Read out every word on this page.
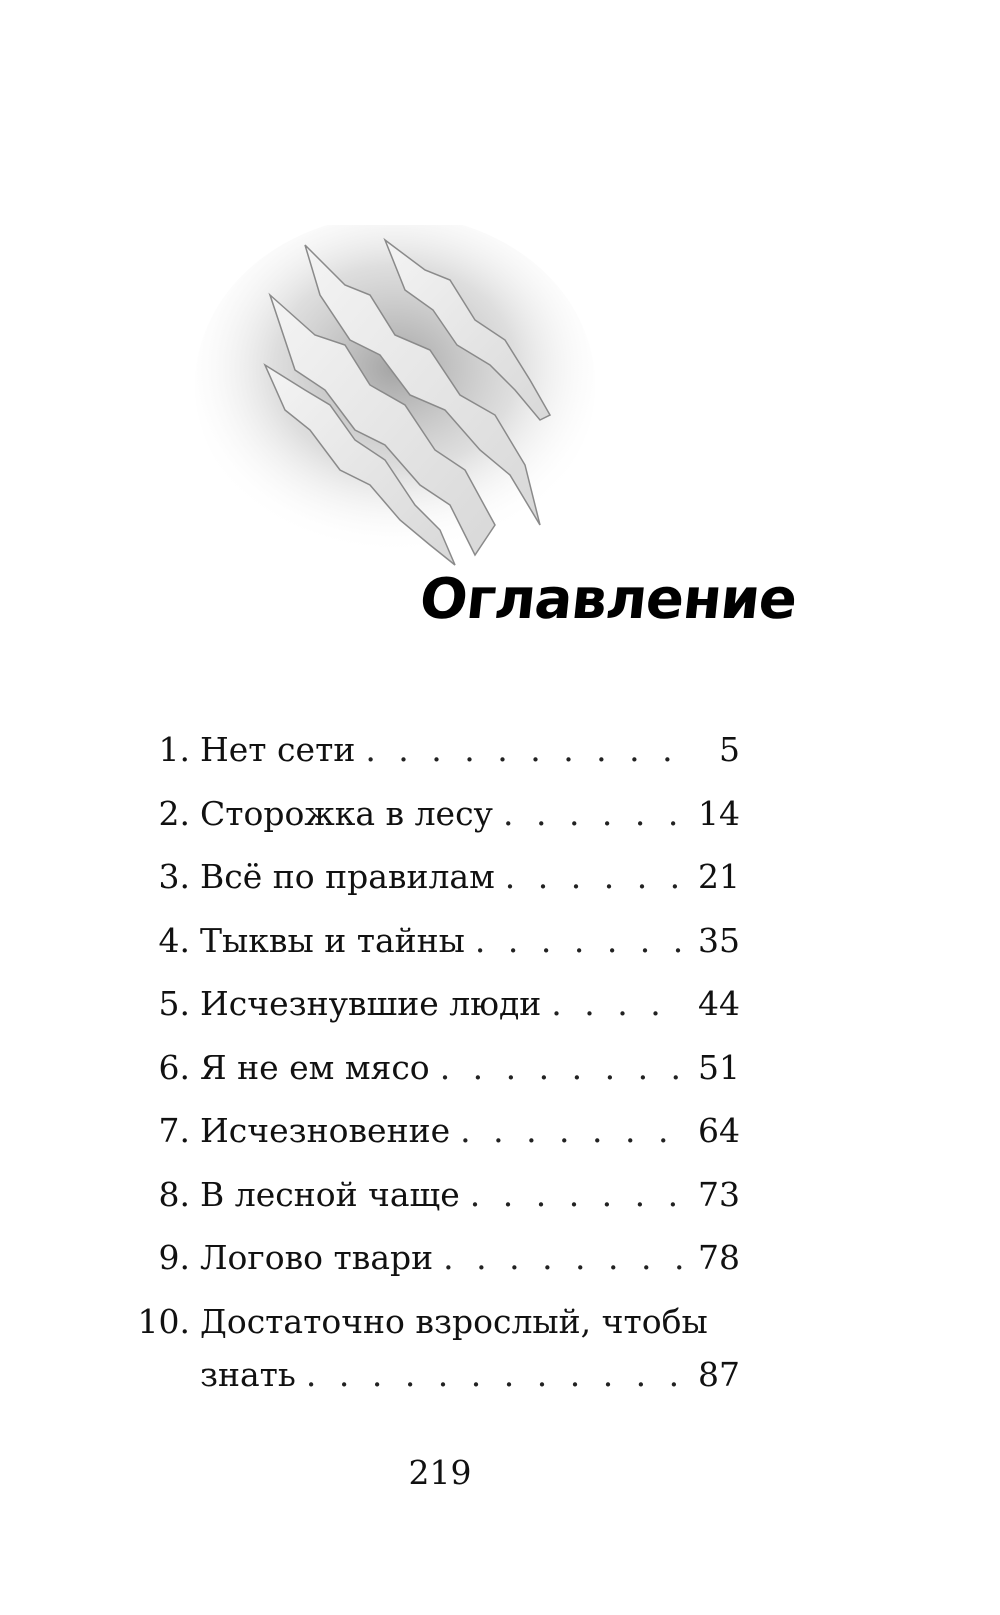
Оглавление
1. Нет сети . . .	5
2. Сторожка в лесу . . .	14
3. Всё по правилам . . .	21
4. Тыквы и тайны . . .	35
5. Исчезнувшие люди . . .	44
6. Я не ем мясо . . .	51
7. Исчезновение . . .	64
8. В лесной чаще . . .	73
9. Логово твари . . .	78
10. Достаточно взрослый, чтобы
знать . . .	87
219
